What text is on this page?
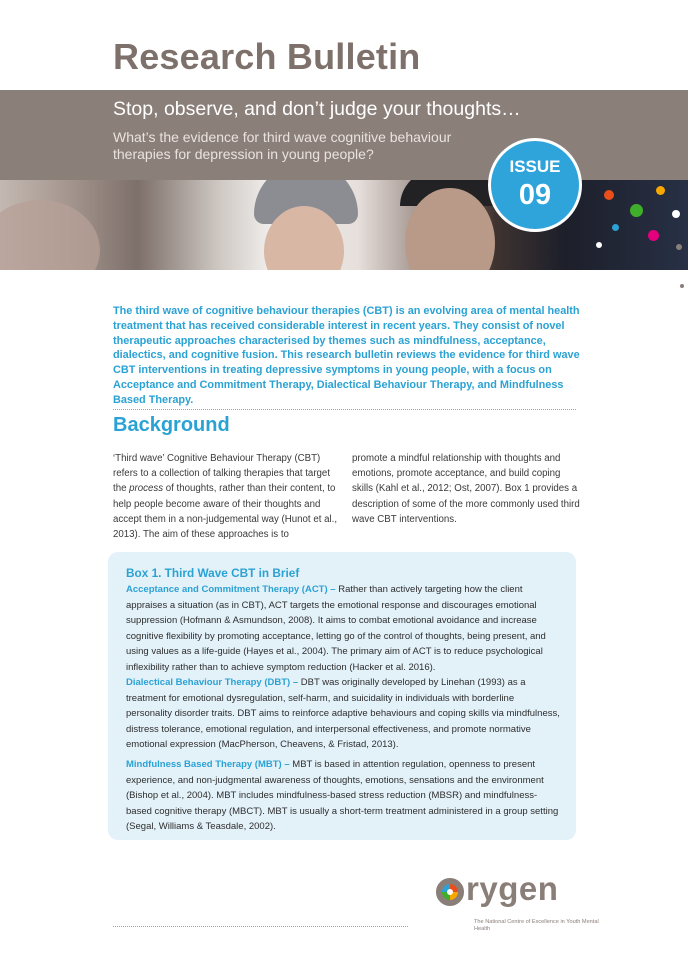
Research Bulletin
Stop, observe, and don’t judge your thoughts…
What’s the evidence for third wave cognitive behaviour therapies for depression in young people?
ISSUE
09

The third wave of cognitive behaviour therapies (CBT) is an evolving area of mental health treatment that has received considerable interest in recent years. They consist of novel therapeutic approaches characterised by themes such as mindfulness, acceptance, dialectics, and cognitive fusion. This research bulletin reviews the evidence for third wave CBT interventions in treating depressive symptoms in young people, with a focus on Acceptance and Commitment Therapy, Dialectical Behaviour Therapy, and Mindfulness Based Therapy.

Background

‘Third wave’ Cognitive Behaviour Therapy (CBT) refers to a collection of talking therapies that target the process of thoughts, rather than their content, to help people become aware of their thoughts and accept them in a non-judgemental way (Hunot et al., 2013). The aim of these approaches is to

promote a mindful relationship with thoughts and emotions, promote acceptance, and build coping skills (Kahl et al., 2012; Ost, 2007). Box 1 provides a description of some of the more commonly used third wave CBT interventions.

Box 1. Third Wave CBT in Brief

Acceptance and Commitment Therapy (ACT) – Rather than actively targeting how the client appraises a situation (as in CBT), ACT targets the emotional response and discourages emotional suppression (Hofmann & Asmundson, 2008). It aims to combat emotional avoidance and increase cognitive flexibility by promoting acceptance, letting go of the control of thoughts, being present, and using values as a life-guide (Hayes et al., 2004). The primary aim of ACT is to reduce psychological inflexibility rather than to achieve symptom reduction (Hacker et al. 2016).

Dialectical Behaviour Therapy (DBT) – DBT was originally developed by Linehan (1993) as a treatment for emotional dysregulation, self-harm, and suicidality in individuals with borderline personality disorder traits. DBT aims to reinforce adaptive behaviours and coping skills via mindfulness, distress tolerance, emotional regulation, and interpersonal effectiveness, and promote normative emotional expression (MacPherson, Cheavens, & Fristad, 2013).

Mindfulness Based Therapy (MBT) – MBT is based in attention regulation, openness to present experience, and non-judgmental awareness of thoughts, emotions, sensations and the environment (Bishop et al., 2004). MBT includes mindfulness-based stress reduction (MBSR) and mindfulness-based cognitive therapy (MBCT). MBT is usually a short-term treatment administered in a group setting (Segal, Williams & Teasdale, 2002).

rygen

The National Centre of Excellence in Youth Mental Health
